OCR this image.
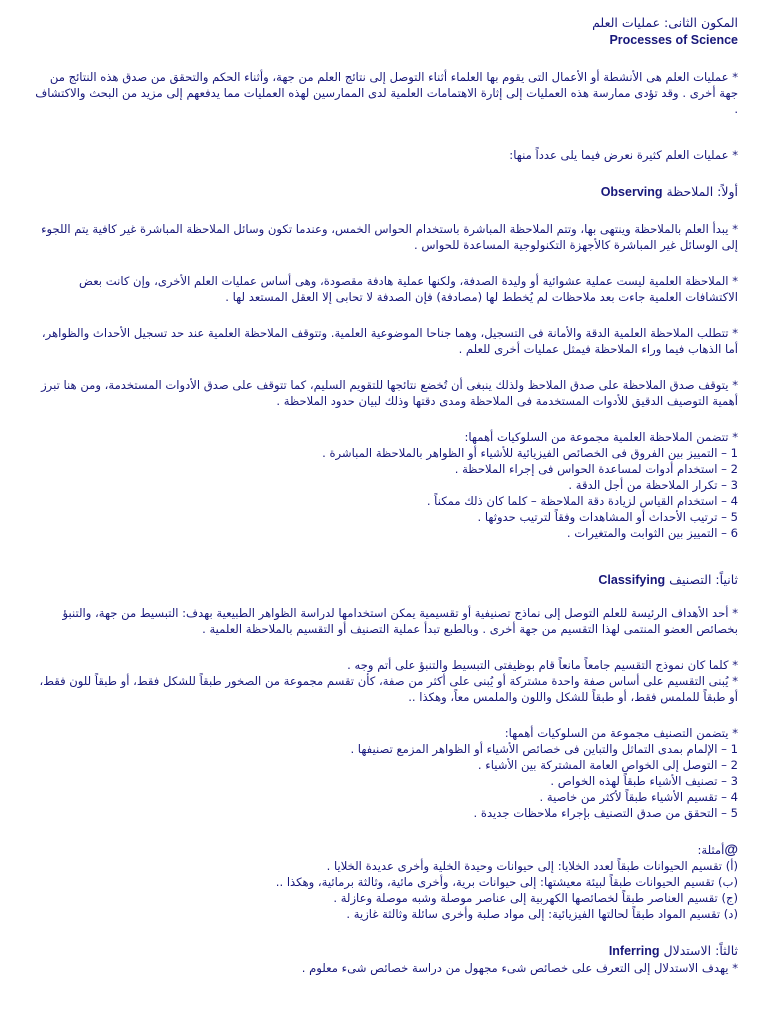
المكون الثانى: عمليات العلم
Processes of Science

* عمليات العلم هى الأنشطة أو الأعمال التى يقوم بها العلماء أثناء التوصل إلى نتائج العلم من جهة، وأثناء الحكم والتحقق من صدق هذه النتائج من جهة أخرى . وقد تؤدى ممارسة هذه العمليات إلى إثارة الاهتمامات العلمية لدى الممارسين لهذه العمليات مما يدفعهم إلى مزيد من البحث والاكتشاف .

* عمليات العلم كثيرة نعرض فيما يلى عدداً منها:

أولاً: الملاحظة Observing

* يبدأ العلم بالملاحظة وينتهى بها، وتتم الملاحظة المباشرة باستخدام الحواس الخمس، وعندما تكون وسائل الملاحظة المباشرة غير كافية يتم اللجوء إلى الوسائل غير المباشرة كالأجهزة التكنولوجية المساعدة للحواس .

* الملاحظة العلمية ليست عملية عشوائية أو وليدة الصدفة، ولكنها عملية هادفة مقصودة، وهى أساس عمليات العلم الأخرى، وإن كانت بعض الاكتشافات العلمية جاءت بعد ملاحظات لم يُخطط لها (مصادفة) فإن الصدفة لا تحابى إلا العقل المستعد لها .

* تتطلب الملاحظة العلمية الدقة والأمانة فى التسجيل، وهما جناحا الموضوعية العلمية. وتتوقف الملاحظة العلمية عند حد تسجيل الأحداث والظواهر، أما الذهاب فيما وراء الملاحظة فيمثل عمليات أخرى للعلم .

* يتوقف صدق الملاحظة على صدق الملاحظ ولذلك ينبغى أن تُخضع نتائجها للتقويم السليم، كما تتوقف على صدق الأدوات المستخدمة، ومن هنا تبرز أهمية التوصيف الدقيق للأدوات المستخدمة فى الملاحظة ومدى دقتها وذلك لبيان حدود الملاحظة .

* تتضمن الملاحظة العلمية مجموعة من السلوكيات أهمها:

1 – التمييز بين الفروق فى الخصائص الفيزيائية للأشياء أو الظواهر بالملاحظة المباشرة .
2 – استخدام أدوات لمساعدة الحواس فى إجراء الملاحظة .
3 – تكرار الملاحظة من أجل الدقة .
4 – استخدام القياس لزيادة دقة الملاحظة – كلما كان ذلك ممكناً .
5 – ترتيب الأحداث أو المشاهدات وفقاً لترتيب حدوثها .
6 – التمييز بين الثوابت والمتغيرات .
ثانياً: التصنيف Classifying

* أحد الأهداف الرئيسة للعلم التوصل إلى نماذج تصنيفية أو تقسيمية يمكن استخدامها لدراسة الظواهر الطبيعية بهدف: التبسيط من جهة، والتنبؤ بخصائص العضو المنتمى لهذا التقسيم من جهة أخرى . وبالطبع تبدأ عملية التصنيف أو التقسيم بالملاحظة العلمية .

* كلما كان نموذج التقسيم جامعاً مانعاً قام بوظيفتى التبسيط والتنبؤ على أتم وجه .

* يُبنى التقسيم على أساس صفة واحدة مشتركة أو يُبنى على أكثر من صفة، كأن تقسم مجموعة من الصخور طبقاً للشكل فقط، أو طبقاً للون فقط، أو طبقاً للملمس فقط، أو طبقاً للشكل واللون والملمس معاً، وهكذا ..

* يتضمن التصنيف مجموعة من السلوكيات أهمها:

1 – الإلمام بمدى التماثل والتباين فى خصائص الأشياء أو الظواهر المزمع تصنيفها .
2 – التوصل إلى الخواص العامة المشتركة بين الأشياء .
3 – تصنيف الأشياء طبقاً لهذه الخواص .
4 – تقسيم الأشياء طبقاً لأكثر من خاصية .
5 – التحقق من صدق التصنيف بإجراء ملاحظات جديدة .
@أمثلة:
(أ) تقسيم الحيوانات طبقاً لعدد الخلايا: إلى حيوانات وحيدة الخلية وأخرى عديدة الخلايا .
(ب) تقسيم الحيوانات طبقاً لبيئة معيشتها: إلى حيوانات برية، وأخرى مائية، وثالثة برمائية، وهكذا ..
(ج) تقسيم العناصر طبقاً لخصائصها الكهربية إلى عناصر موصلة وشبه موصلة وعازلة .
(د) تقسيم المواد طبقاً لحالتها الفيزيائية: إلى مواد صلبة وأخرى سائلة وثالثة غازية .
ثالثاً: الاستدلال Inferring

* يهدف الاستدلال إلى التعرف على خصائص شىء مجهول من دراسة خصائص شىء معلوم .
